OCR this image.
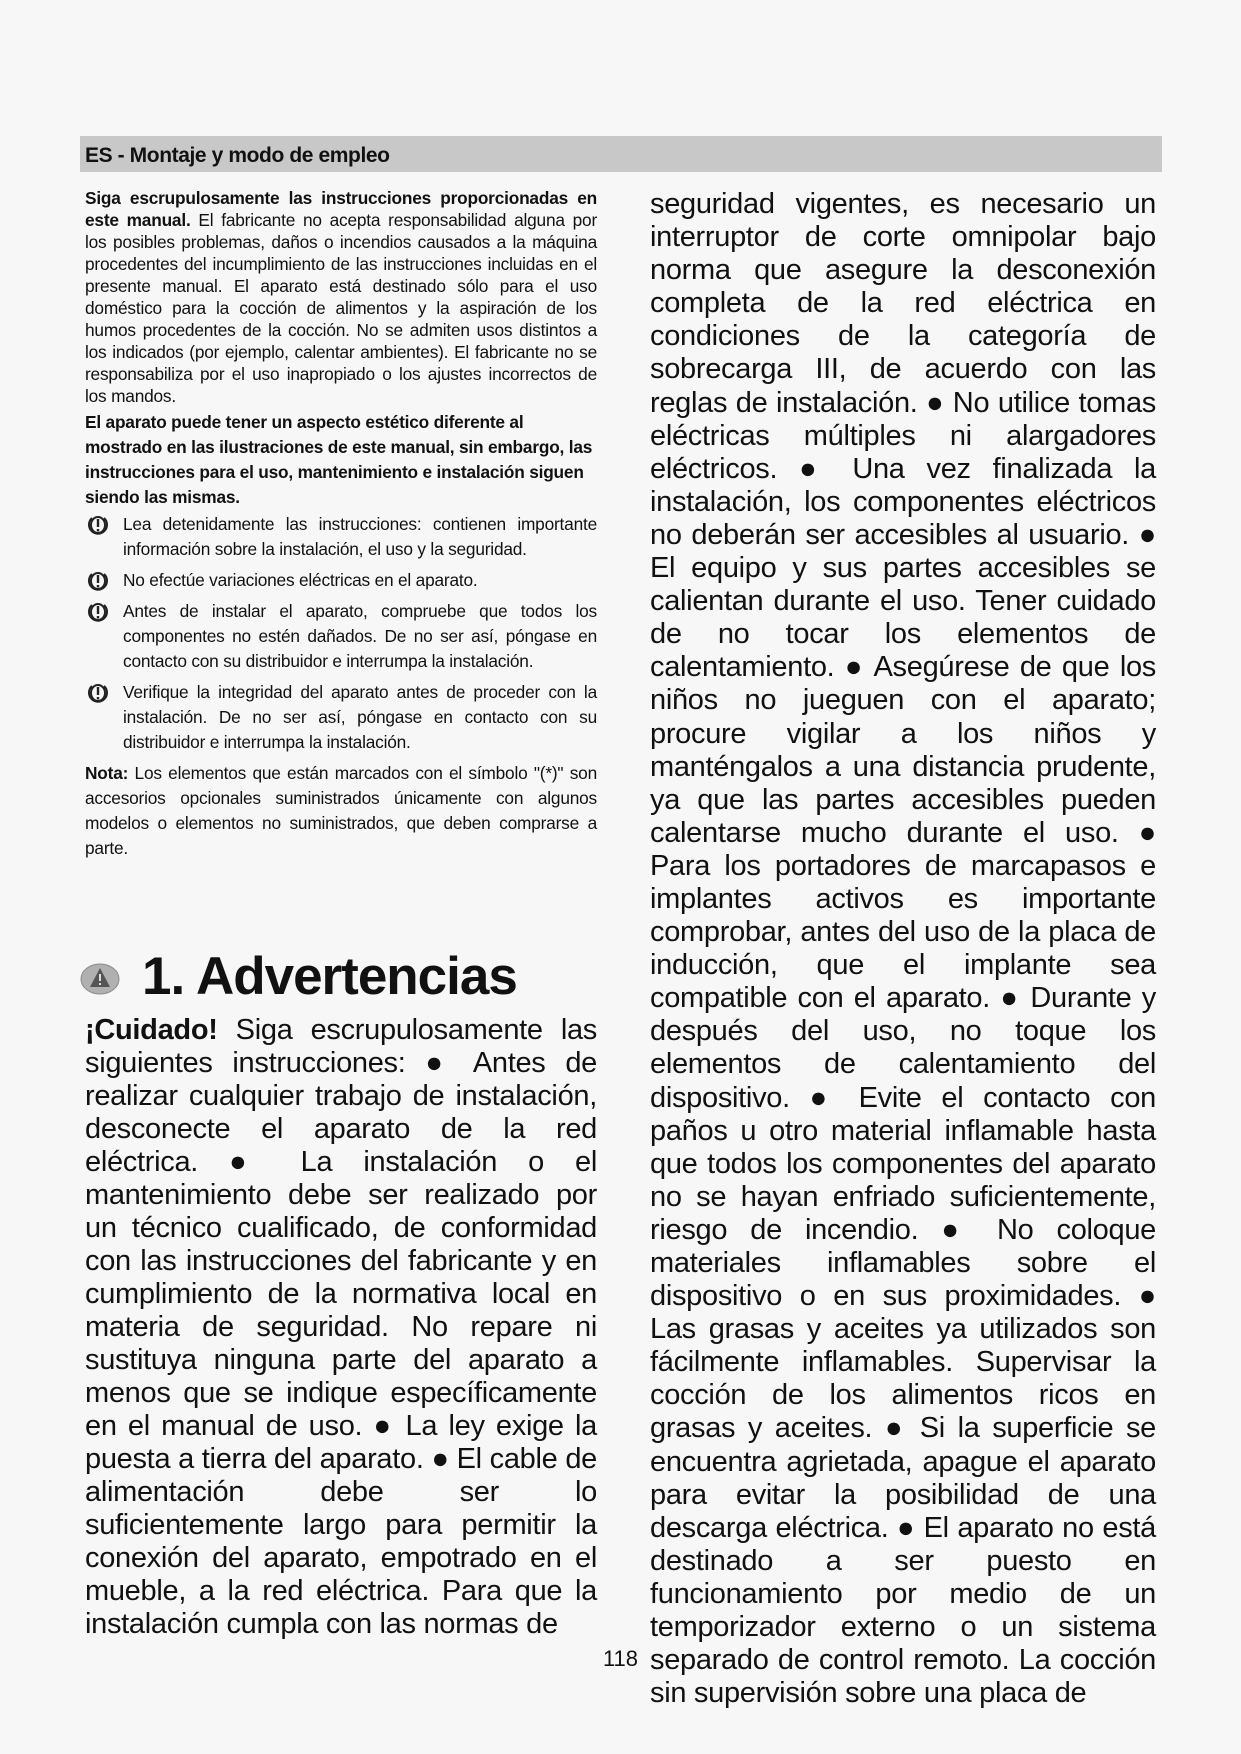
ES - Montaje y modo de empleo

Siga escrupulosamente las instrucciones proporcionadas en este manual. El fabricante no acepta responsabilidad alguna por los posibles problemas, daños o incendios causados a la máquina procedentes del incumplimiento de las instrucciones incluidas en el presente manual. El aparato está destinado sólo para el uso doméstico para la cocción de alimentos y la aspiración de los humos procedentes de la cocción. No se admiten usos distintos a los indicados (por ejemplo, calentar ambientes). El fabricante no se responsabiliza por el uso inapropiado o los ajustes incorrectos de los mandos.

El aparato puede tener un aspecto estético diferente al mostrado en las ilustraciones de este manual, sin embargo, las instrucciones para el uso, mantenimiento e instalación siguen siendo las mismas.

Lea detenidamente las instrucciones: contienen importante información sobre la instalación, el uso y la seguridad.

No efectúe variaciones eléctricas en el aparato.

Antes de instalar el aparato, compruebe que todos los componentes no estén dañados. De no ser así, póngase en contacto con su distribuidor e interrumpa la instalación.

Verifique la integridad del aparato antes de proceder con la instalación. De no ser así, póngase en contacto con su distribuidor e interrumpa la instalación.

Nota: Los elementos que están marcados con el símbolo "(*)" son accesorios opcionales suministrados únicamente con algunos modelos o elementos no suministrados, que deben comprarse a parte.

1. Advertencias
¡Cuidado! Siga escrupulosamente las siguientes instrucciones: ● Antes de realizar cualquier trabajo de instalación, desconecte el aparato de la red eléctrica. ● La instalación o el mantenimiento debe ser realizado por un técnico cualificado, de conformidad con las instrucciones del fabricante y en cumplimiento de la normativa local en materia de seguridad. No repare ni sustituya ninguna parte del aparato a menos que se indique específicamente en el manual de uso. ● La ley exige la puesta a tierra del aparato. ● El cable de alimentación debe ser lo suficientemente largo para permitir la conexión del aparato, empotrado en el mueble, a la red eléctrica. Para que la instalación cumpla con las normas de
seguridad vigentes, es necesario un interruptor de corte omnipolar bajo norma que asegure la desconexión completa de la red eléctrica en condiciones de la categoría de sobrecarga III, de acuerdo con las reglas de instalación. ● No utilice tomas eléctricas múltiples ni alargadores eléctricos. ● Una vez finalizada la instalación, los componentes eléctricos no deberán ser accesibles al usuario. ● El equipo y sus partes accesibles se calientan durante el uso. Tener cuidado de no tocar los elementos de calentamiento. ● Asegúrese de que los niños no jueguen con el aparato; procure vigilar a los niños y manténgalos a una distancia prudente, ya que las partes accesibles pueden calentarse mucho durante el uso. ● Para los portadores de marcapasos e implantes activos es importante comprobar, antes del uso de la placa de inducción, que el implante sea compatible con el aparato. ● Durante y después del uso, no toque los elementos de calentamiento del dispositivo. ● Evite el contacto con paños u otro material inflamable hasta que todos los componentes del aparato no se hayan enfriado suficientemente, riesgo de incendio. ● No coloque materiales inflamables sobre el dispositivo o en sus proximidades. ● Las grasas y aceites ya utilizados son fácilmente inflamables. Supervisar la cocción de los alimentos ricos en grasas y aceites. ● Si la superficie se encuentra agrietada, apague el aparato para evitar la posibilidad de una descarga eléctrica. ● El aparato no está destinado a ser puesto en funcionamiento por medio de un temporizador externo o un sistema separado de control remoto. La cocción sin supervisión sobre una placa de
118
